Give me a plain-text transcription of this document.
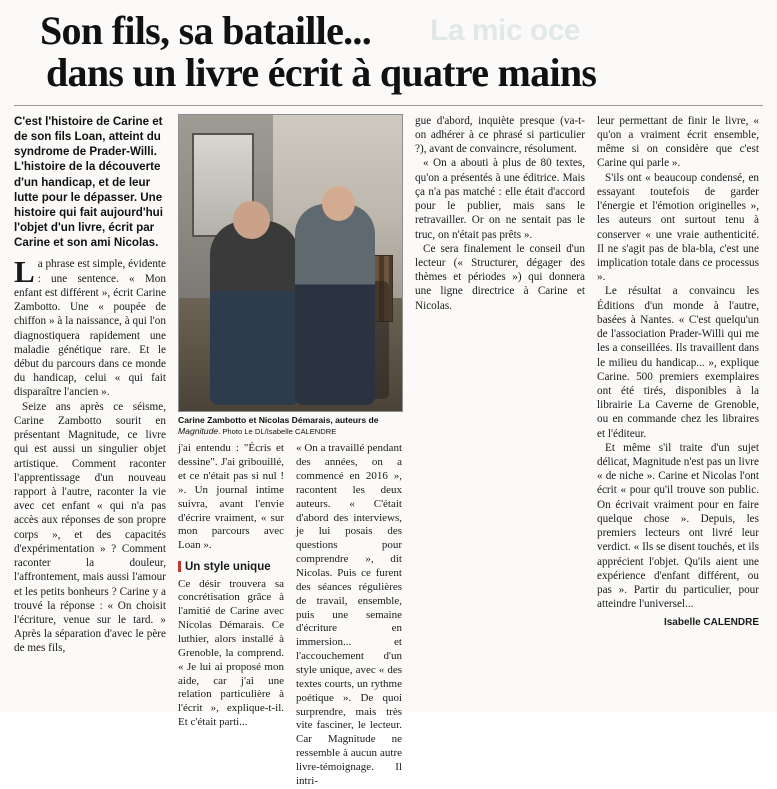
La mic oce
Son fils, sa bataille...
dans un livre écrit à quatre mains
C'est l'histoire de Carine et de son fils Loan, atteint du syndrome de Prader-Willi. L'histoire de la découverte d'un handicap, et de leur lutte pour le dépasser. Une histoire qui fait aujourd'hui l'objet d'un livre, écrit par Carine et son ami Nicolas.

La phrase est simple, évidente : une sentence. « Mon enfant est différent », écrit Carine Zambotto. Une « poupée de chiffon » à la naissance, à qui l'on diagnostiquera rapidement une maladie génétique rare. Et le début du parcours dans ce monde du handicap, celui « qui fait disparaître l'ancien ».

Seize ans après ce séisme, Carine Zambotto sourit en présentant Magnitude, ce livre qui est aussi un singulier objet artistique. Comment raconter l'apprentissage d'un nouveau rapport à l'autre, raconter la vie avec cet enfant « qui n'a pas accès aux réponses de son propre corps », et des capacités d'expérimentation » ? Comment raconter la douleur, l'affrontement, mais aussi l'amour et les petits bonheurs ? Carine y a trouvé la réponse : « On choisit l'écriture, venue sur le tard. » Après la séparation d'avec le père de mes fils,

Carine Zambotto et Nicolas Démarais, auteurs de Magnitude. Photo Le DL/Isabelle CALENDRE

j'ai entendu : "Écris et dessine". J'ai gribouillé, et ce n'était pas si nul ! ». Un journal intime suivra, avant l'envie d'écrire vraiment, « sur mon parcours avec Loan ».

Un style unique

Ce désir trouvera sa concrétisation grâce à l'amitié de Carine avec Nicolas Démarais. Ce luthier, alors installé à Grenoble, la comprend. « Je lui ai proposé mon aide, car j'ai une relation particulière à l'écrit », explique-t-il. Et c'était parti...

« On a travaillé pendant des années, on a commencé en 2016 », racontent les deux auteurs. « C'était d'abord des interviews, je lui posais des questions pour comprendre », dit Nicolas. Puis ce furent des séances régulières de travail, ensemble, puis une semaine d'écriture en immersion... et l'accouchement d'un style unique, avec « des textes courts, un rythme poétique ». De quoi surprendre, mais très vite fasciner, le lecteur. Car Magnitude ne ressemble à aucun autre livre-témoignage. Il intri-

gue d'abord, inquiète presque (va-t-on adhérer à ce phrasé si particulier ?), avant de convaincre, résolument.

« On a abouti à plus de 80 textes, qu'on a présentés à une éditrice. Mais ça n'a pas matché : elle était d'accord pour le publier, mais sans le retravailler. Or on ne sentait pas le truc, on n'était pas prêts ».

Ce sera finalement le conseil d'un lecteur (« Structurer, dégager des thèmes et périodes ») qui donnera une ligne directrice à Carine et Nicolas.

leur permettant de finir le livre, « qu'on a vraiment écrit ensemble, même si on considère que c'est Carine qui parle ».

S'ils ont « beaucoup condensé, en essayant toutefois de garder l'énergie et l'émotion originelles », les auteurs ont surtout tenu à conserver « une vraie authenticité. Il ne s'agit pas de bla-bla, c'est une implication totale dans ce processus ».

Le résultat a convaincu les Éditions d'un monde à l'autre, basées à Nantes. « C'est quelqu'un de l'association Prader-Willi qui me les a conseillées. Ils travaillent dans le milieu du handicap... », explique Carine. 500 premiers exemplaires ont été tirés, disponibles à la librairie La Caverne de Grenoble, ou en commande chez les libraires et l'éditeur.

Et même s'il traite d'un sujet délicat, Magnitude n'est pas un livre « de niche ». Carine et Nicolas l'ont écrit « pour qu'il trouve son public. On écrivait vraiment pour en faire quelque chose ». Depuis, les premiers lecteurs ont livré leur verdict. « Ils se disent touchés, et ils apprécient l'objet. Qu'ils aient une expérience d'enfant différent, ou pas ». Partir du particulier, pour atteindre l'universel...

Isabelle CALENDRE
